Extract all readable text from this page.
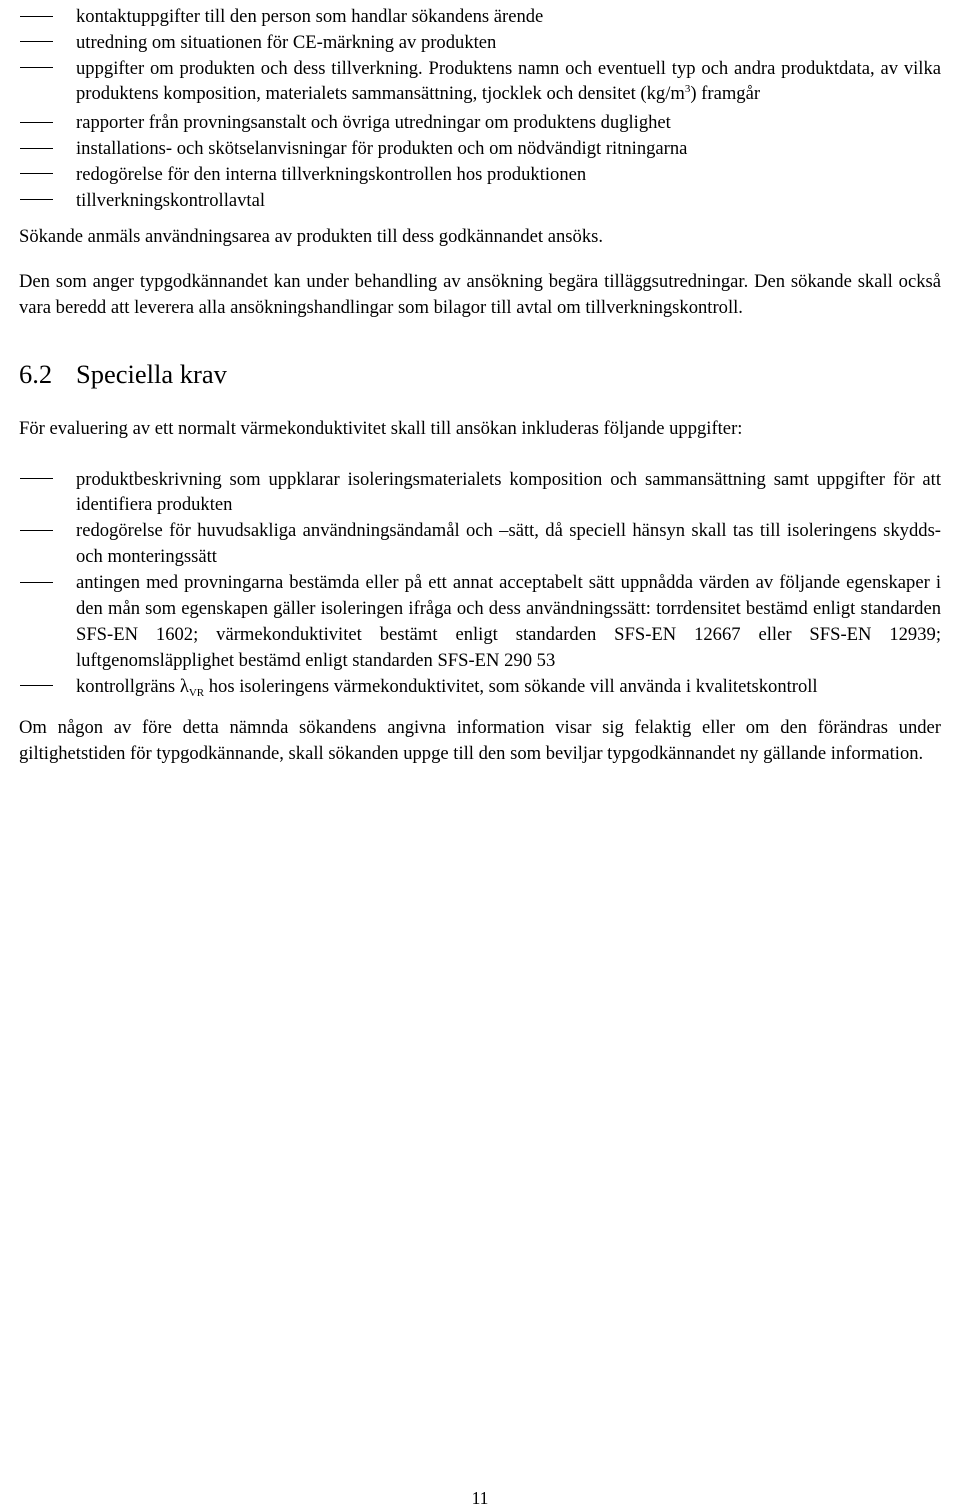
kontaktuppgifter till den person som handlar sökandens ärende
utredning om situationen för CE-märkning av produkten
uppgifter om produkten och dess tillverkning. Produktens namn och eventuell typ och andra produktdata, av vilka produktens komposition, materialets sammansättning, tjocklek och densitet $(kg/m^3)$ framgår
rapporter från provningsanstalt och övriga utredningar om produktens duglighet
installations- och skötselanvisningar för produkten och om nödvändigt ritningarna
redogörelse för den interna tillverkningskontrollen hos produktionen
tillverkningskontrollavtal

Sökande anmäls användningsarea av produkten till dess godkännandet ansöks.

Den som anger typgodkännandet kan under behandling av ansökning begära tilläggsutredningar. Den sökande skall också vara beredd att leverera alla ansökningshandlingar som bilagor till avtal om tillverkningskontroll.

6.2 Speciella krav

För evaluering av ett normalt värmekonduktivitet skall till ansökan inkluderas följande uppgifter:

produktbeskrivning som uppklarar isoleringsmaterialets komposition och sammansättning samt uppgifter för att identifiera produkten
redogörelse för huvudsakliga användningsändamål och –sätt, då speciell hänsyn skall tas till isoleringens skydds- och monteringssätt
antingen med provningarna bestämda eller på ett annat acceptabelt sätt uppnådda värden av följande egenskaper i den mån som egenskapen gäller isoleringen ifråga och dess användningssätt: torrdensitet bestämd enligt standarden SFS-EN 1602; värmekonduktivitet bestämt enligt standarden SFS-EN 12667 eller SFS-EN 12939; luftgenomsläpplighet bestämd enligt standarden SFS-EN 290 53
kontrollgräns $\lambda_{VR}$ hos isoleringens värmekonduktivitet, som sökande vill använda i kvalitetskontroll

Om någon av före detta nämnda sökandens angivna information visar sig felaktig eller om den förändras under giltighetstiden för typgodkännande, skall sökanden uppge till den som beviljar typgodkännandet ny gällande information.

11
